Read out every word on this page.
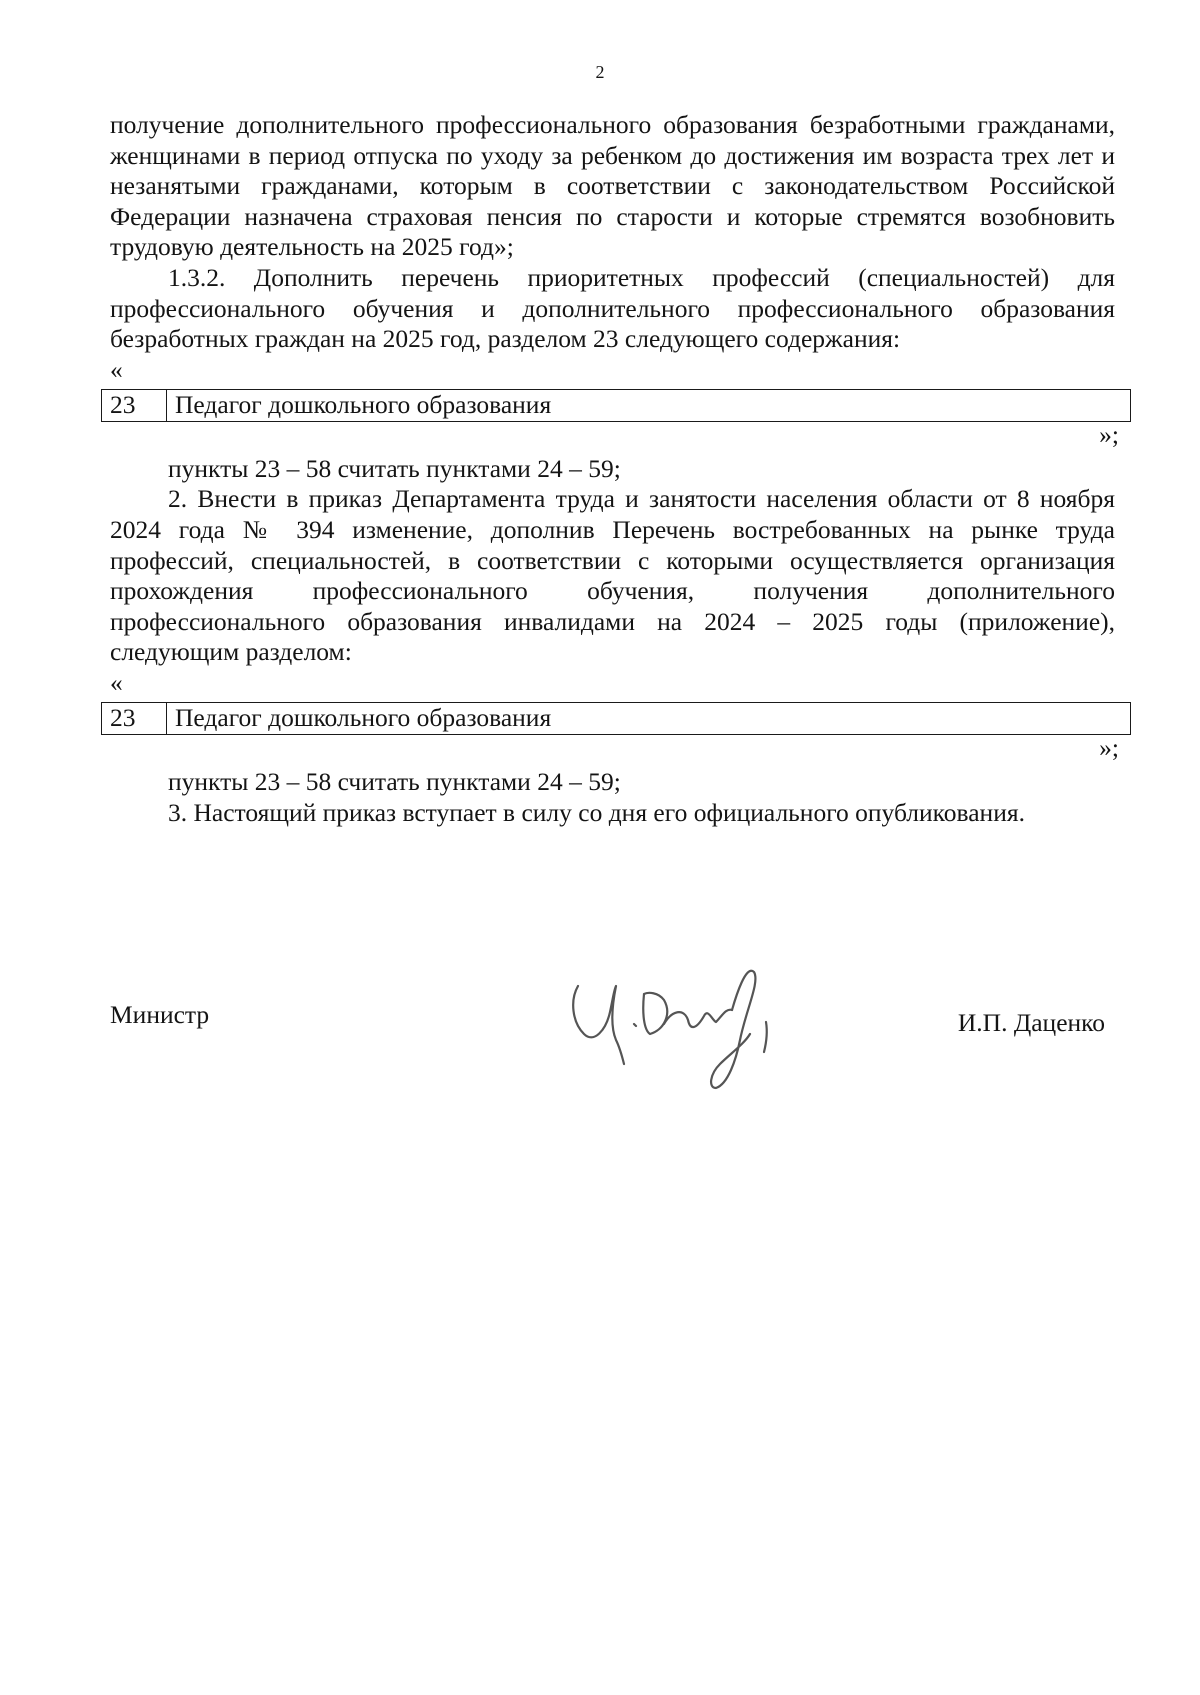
2

получение дополнительного профессионального образования безработными гражданами, женщинами в период отпуска по уходу за ребенком до достижения им возраста трех лет и незанятыми гражданами, которым в соответствии с законодательством Российской Федерации назначена страховая пенсия по старости и которые стремятся возобновить трудовую деятельность на 2025 год»;

1.3.2. Дополнить перечень приоритетных профессий (специальностей) для профессионального обучения и дополнительного профессионального образования безработных граждан на 2025 год, разделом 23 следующего содержания:

«

23	Педагог дошкольного образования
»;

пункты 23 – 58 считать пунктами 24 – 59;

2. Внести в приказ Департамента труда и занятости населения области от 8 ноября 2024 года № 394 изменение, дополнив Перечень востребованных на рынке труда профессий, специальностей, в соответствии с которыми осуществляется организация прохождения профессионального обучения, получения дополнительного профессионального образования инвалидами на 2024 – 2025 годы (приложение), следующим разделом:

«

23	Педагог дошкольного образования
»;

пункты 23 – 58 считать пунктами 24 – 59;

3. Настоящий приказ вступает в силу со дня его официального опубликования.

Министр	И.П. Даценко
